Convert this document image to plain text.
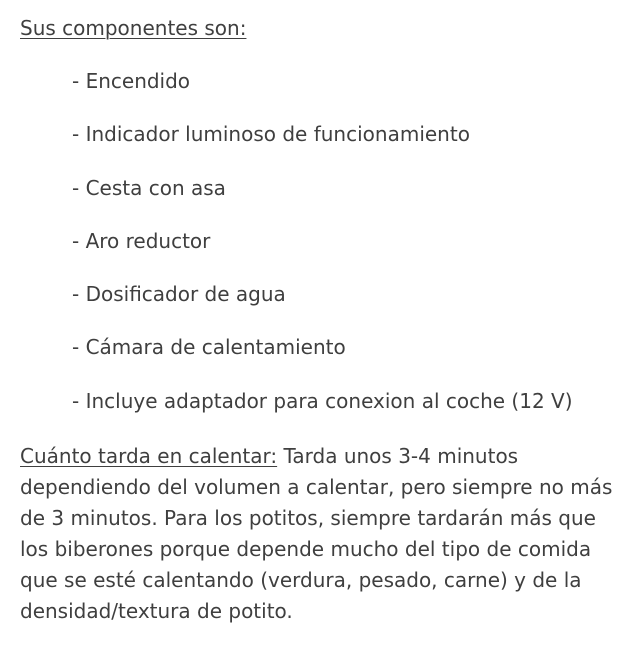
Sus componentes son:
- Encendido
- Indicador luminoso de funcionamiento
- Cesta con asa
- Aro reductor
- Dosificador de agua
- Cámara de calentamiento
- Incluye adaptador para conexion al coche (12 V)

Cuánto tarda en calentar: Tarda unos 3-4 minutos dependiendo del volumen a calentar, pero siempre no más de 3 minutos. Para los potitos, siempre tardarán más que los biberones porque depende mucho del tipo de comida que se esté calentando (verdura, pesado, carne) y de la densidad/textura de potito.
